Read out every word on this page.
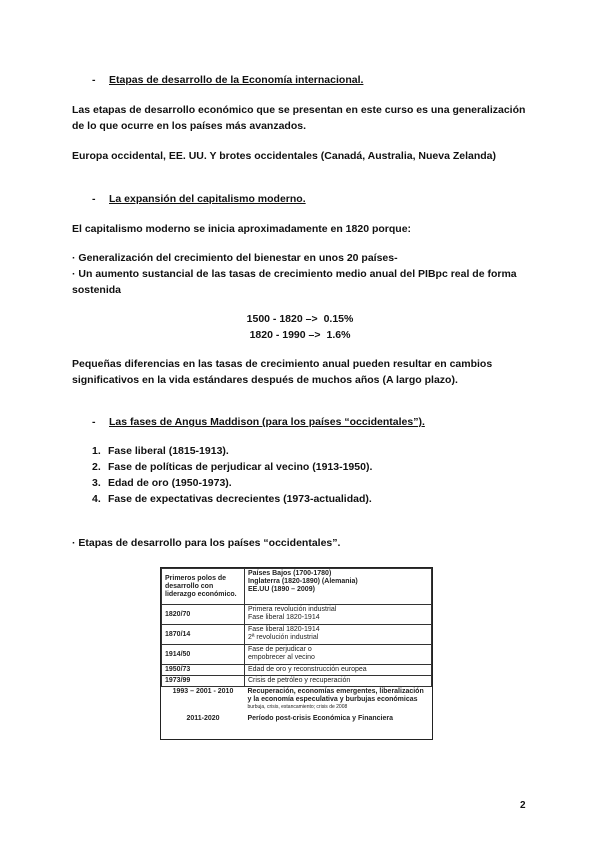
- Etapas de desarrollo de la Economía internacional.
Las etapas de desarrollo económico que se presentan en este curso es una generalización de lo que ocurre en los países más avanzados.
Europa occidental, EE. UU. Y brotes occidentales (Canadá, Australia, Nueva Zelanda)
- La expansión del capitalismo moderno.
El capitalismo moderno se inicia aproximadamente en 1820 porque:
· Generalización del crecimiento del bienestar en unos 20 países-
· Un aumento sustancial de las tasas de crecimiento medio anual del PIBpc real de forma sostenida
1500 - 1820 –> 0.15%
1820 - 1990 –> 1.6%
Pequeñas diferencias en las tasas de crecimiento anual pueden resultar en cambios significativos en la vida estándares después de muchos años (A largo plazo).
- Las fases de Angus Maddison (para los países “occidentales”).
1. Fase liberal (1815-1913).
2. Fase de políticas de perjudicar al vecino (1913-1950).
3. Edad de oro (1950-1973).
4. Fase de expectativas decrecientes (1973-actualidad).
· Etapas de desarrollo para los países “occidentales”.
Primeros polos de desarrollo con liderazgo económico.	Países Bajos (1700-1780)
Inglaterra (1820-1890) (Alemania)
EE.UU (1890 – 2009)

1820/70	Primera revolución industrial
Fase liberal 1820-1914

1870/14	Fase liberal 1820-1914
2ª revolución industrial

1914/50	Fase de perjudicar o
empobrecer al vecino

1950/73	Edad de oro y reconstrucción europea
1973/99	Crisis de petróleo y recuperación
1993 – 2001 - 2010	Recuperación, economías emergentes, liberalización y la economía especulativa y burbujas económicas
burbuja, crisis, estancamiento; crisis de 2008

2011-2020	Período post-crisis Económica y Financiera
2
